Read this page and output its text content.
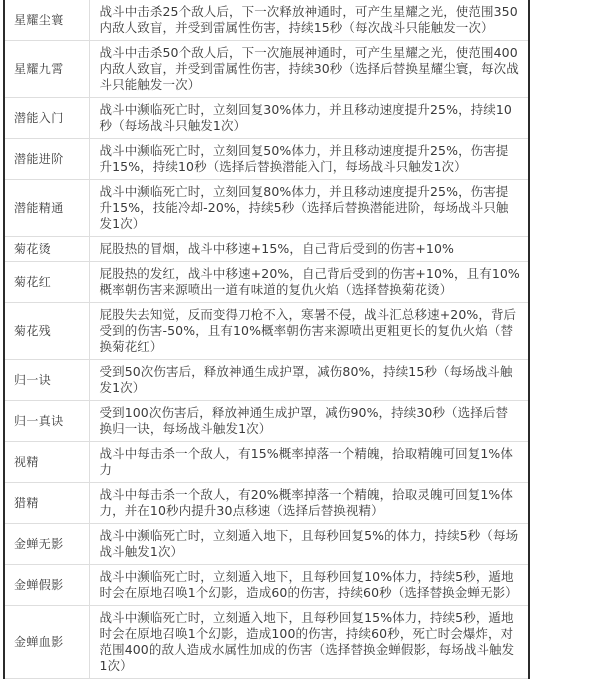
星耀尘寰	战斗中击杀25个敌人后，下一次释放神通时，可产生星耀之光，使范围350内敌人致盲，并受到雷属性伤害，持续15秒（每次战斗只能触发一次）
星耀九霄	战斗中击杀50个敌人后，下一次施展神通时，可产生星耀之光，使范围400内敌人致盲，并受到雷属性伤害，持续30秒（选择后替换星耀尘寰，每次战斗只能触发一次）
潜能入门	战斗中濒临死亡时，立刻回复30%体力，并且移动速度提升25%，持续10秒（每场战斗只触发1次）
潜能进阶	战斗中濒临死亡时，立刻回复50%体力，并且移动速度提升25%，伤害提升15%，持续10秒（选择后替换潜能入门，每场战斗只触发1次）
潜能精通	战斗中濒临死亡时，立刻回复80%体力，并且移动速度提升25%，伤害提升15%，技能冷却-20%，持续5秒（选择后替换潜能进阶，每场战斗只触发1次）
菊花烫	屁股热的冒烟，战斗中移速+15%，自己背后受到的伤害+10%
菊花红	屁股热的发红，战斗中移速+20%，自己背后受到的伤害+10%，且有10%概率朝伤害来源喷出一道有味道的复仇火焰（选择替换菊花烫）
菊花残	屁股失去知觉，反而变得刀枪不入，寒暑不侵，战斗汇总移速+20%，背后受到的伤害-50%，且有10%概率朝伤害来源喷出更粗更长的复仇火焰（替换菊花红）
归一诀	受到50次伤害后，释放神通生成护罩，减伤80%，持续15秒（每场战斗触发1次）
归一真诀	受到100次伤害后，释放神通生成护罩，减伤90%，持续30秒（选择后替换归一诀，每场战斗触发1次）
视精	战斗中每击杀一个敌人，有15%概率掉落一个精魄，拾取精魄可回复1%体力
猎精	战斗中每击杀一个敌人，有20%概率掉落一个精魄，拾取灵魄可回复1%体力，并在10秒内提升30点移速（选择后替换视精）
金蝉无影	战斗中濒临死亡时，立刻遁入地下，且每秒回复5%的体力，持续5秒（每场战斗触发1次）
金蝉假影	战斗中濒临死亡时，立刻遁入地下，且每秒回复10%体力，持续5秒，遁地时会在原地召唤1个幻影，造成60的伤害，持续60秒（选择替换金蝉无影）
金蝉血影	战斗中濒临死亡时，立刻遁入地下，且每秒回复15%体力，持续5秒，遁地时会在原地召唤1个幻影，造成100的伤害，持续60秒，死亡时会爆炸，对范围400的敌人造成水属性加成的伤害（选择替换金蝉假影，每场战斗触发1次）
